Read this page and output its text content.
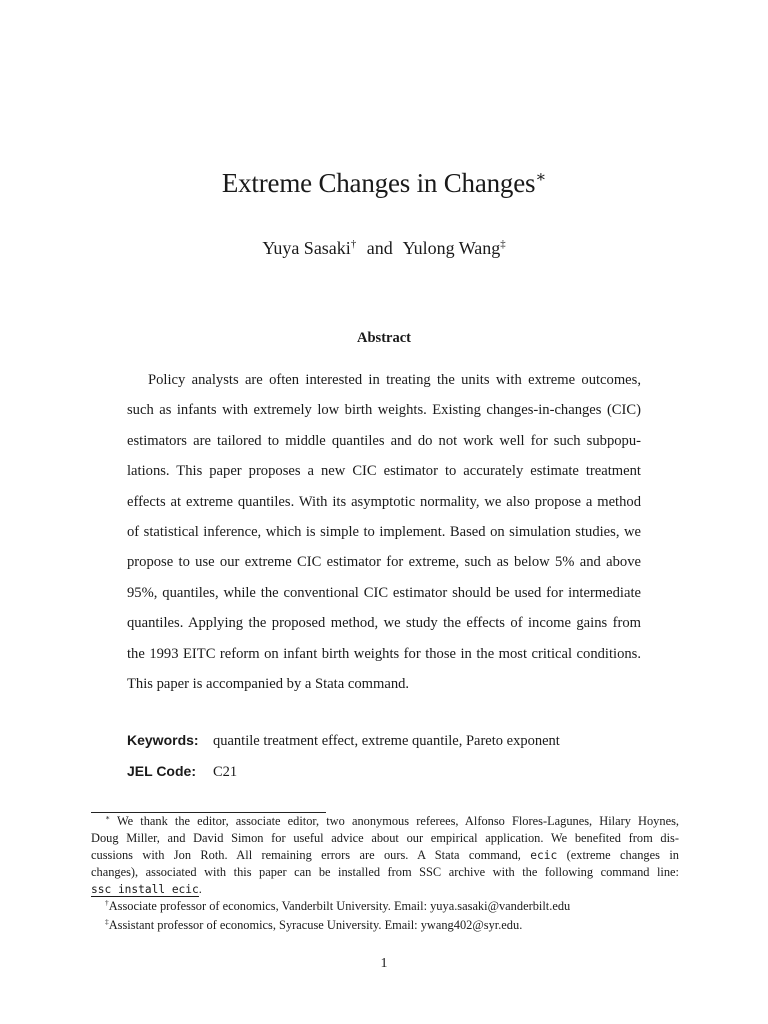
Extreme Changes in Changes∗
Yuya Sasaki† and Yulong Wang‡
Abstract
Policy analysts are often interested in treating the units with extreme outcomes,
such as infants with extremely low birth weights. Existing changes-in-changes (CIC)
estimators are tailored to middle quantiles and do not work well for such subpopu-
lations. This paper proposes a new CIC estimator to accurately estimate treatment
effects at extreme quantiles. With its asymptotic normality, we also propose a method
of statistical inference, which is simple to implement. Based on simulation studies, we
propose to use our extreme CIC estimator for extreme, such as below 5% and above
95%, quantiles, while the conventional CIC estimator should be used for intermediate
quantiles. Applying the proposed method, we study the effects of income gains from
the 1993 EITC reform on infant birth weights for those in the most critical conditions.
This paper is accompanied by a Stata command.
Keywords: quantile treatment effect, extreme quantile, Pareto exponent
JEL Code: C21
∗ We thank the editor, associate editor, two anonymous referees, Alfonso Flores-Lagunes, Hilary Hoynes,
Doug Miller, and David Simon for useful advice about our empirical application. We benefited from dis-
cussions with Jon Roth. All remaining errors are ours. A Stata command, ecic (extreme changes in
changes), associated with this paper can be installed from SSC archive with the following command line:
ssc install ecic.
†Associate professor of economics, Vanderbilt University. Email: yuya.sasaki@vanderbilt.edu
‡Assistant professor of economics, Syracuse University. Email: ywang402@syr.edu.
1
